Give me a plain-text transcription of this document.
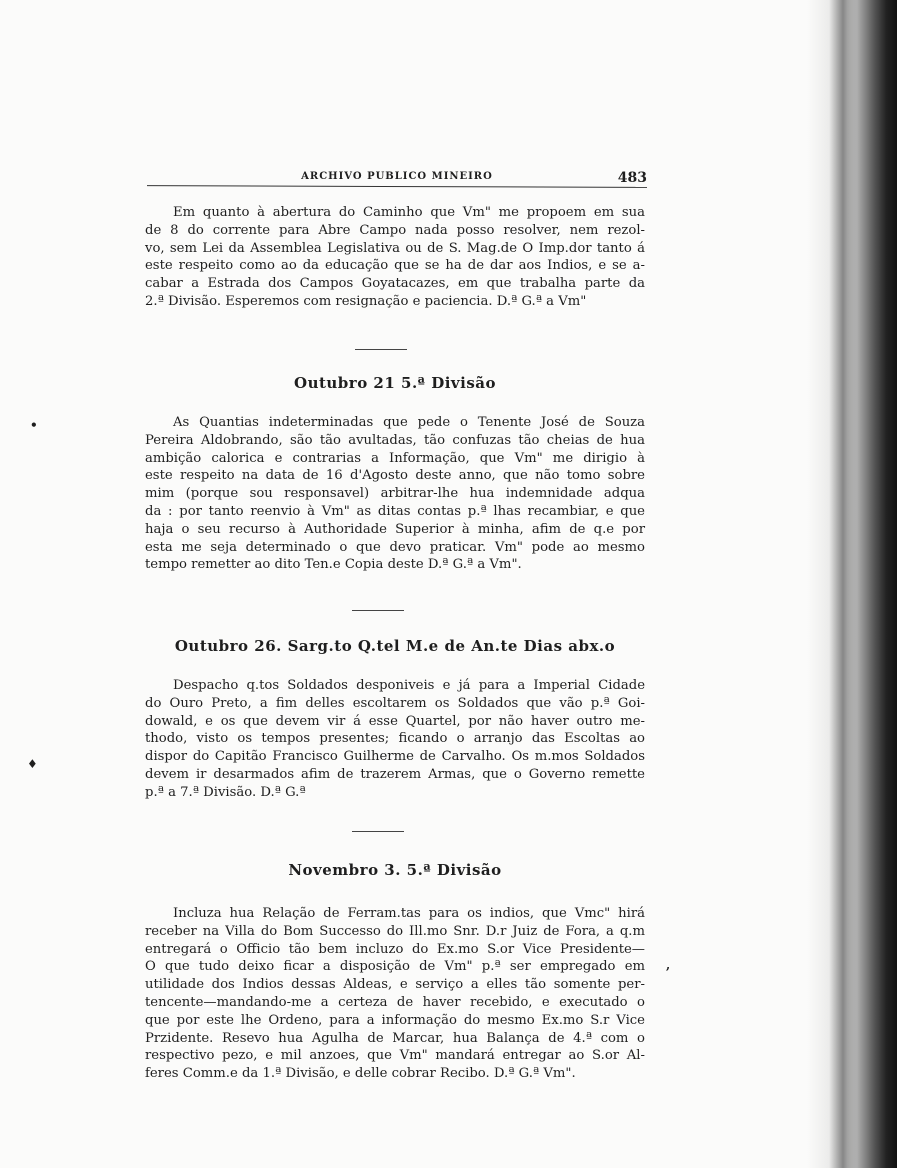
ARCHIVO PUBLICO MINEIRO	483
Em quanto à abertura do Caminho que Vm" me propoem em sua
de 8 do corrente para Abre Campo nada posso resolver, nem rezol-
vo, sem Lei da Assemblea Legislativa ou de S. Mag.de O Imp.dor tanto á
este respeito como ao da educação que se ha de dar aos Indios, e se a-
cabar a Estrada dos Campos Goyatacazes, em que trabalha parte da
2.ª Divisão. Esperemos com resignação e paciencia. D.ª G.ª a Vm"
Outubro 21 5.ª Divisão
As Quantias indeterminadas que pede o Tenente José de Souza
Pereira Aldobrando, são tão avultadas, tão confuzas tão cheias de hua
ambição calorica e contrarias a Informação, que Vm" me dirigio à
este respeito na data de 16 d'Agosto deste anno, que não tomo sobre
mim (porque sou responsavel) arbitrar-lhe hua indemnidade adqua
da : por tanto reenvio à Vm" as ditas contas p.ª lhas recambiar, e que
haja o seu recurso à Authoridade Superior à minha, afim de q.e por
esta me seja determinado o que devo praticar. Vm" pode ao mesmo
tempo remetter ao dito Ten.e Copia deste D.ª G.ª a Vm".
Outubro 26. Sarg.to Q.tel M.e de An.te Dias abx.o
Despacho q.tos Soldados desponiveis e já para a Imperial Cidade
do Ouro Preto, a fim delles escoltarem os Soldados que vão p.ª Goi-
dowald, e os que devem vir á esse Quartel, por não haver outro me-
thodo, visto os tempos presentes; ficando o arranjo das Escoltas ao
dispor do Capitão Francisco Guilherme de Carvalho. Os m.mos Soldados
devem ir desarmados afim de trazerem Armas, que o Governo remette
p.ª a 7.ª Divisão. D.ª G.ª
Novembro 3. 5.ª Divisão
Incluza hua Relação de Ferram.tas para os indios, que Vmc" hirá
receber na Villa do Bom Successo do Ill.mo Snr. D.r Juiz de Fora, a q.m
entregará o Officio tão bem incluzo do Ex.mo S.or Vice Presidente—
O que tudo deixo ficar a disposição de Vm" p.ª ser empregado em
utilidade dos Indios dessas Aldeas, e serviço a elles tão somente per-
tencente—mandando-me a certeza de haver recebido, e executado o
que por este lhe Ordeno, para a informação do mesmo Ex.mo S.r Vice
Przidente. Resevo hua Agulha de Marcar, hua Balança de 4.ª com o
respectivo pezo, e mil anzoes, que Vm" mandará entregar ao S.or Al-
feres Comm.e da 1.ª Divisão, e delle cobrar Recibo. D.ª G.ª Vm".
•
♦
,
